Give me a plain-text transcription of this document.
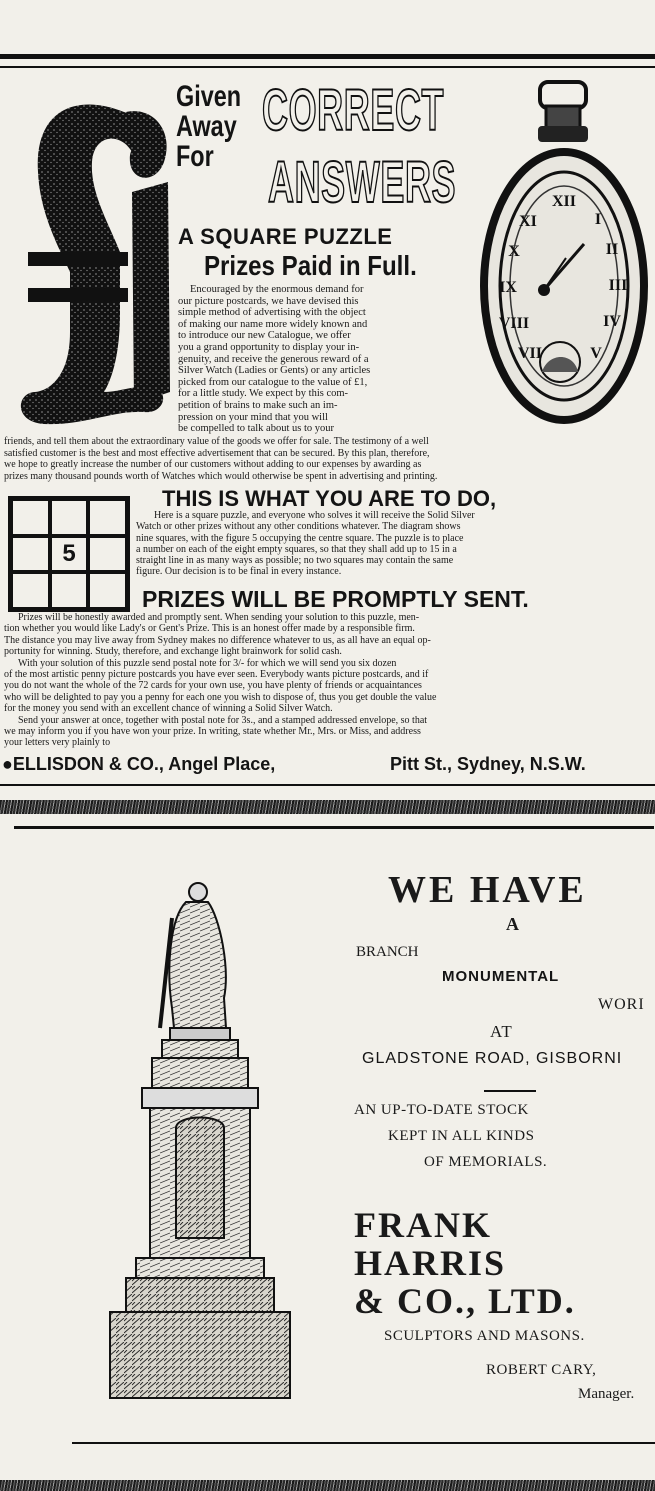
Given
Away
For
CORRECT
ANSWERS
A SQUARE PUZZLE
Prizes Paid in Full.
XII
I
II
III
IV
V
XI
X
IX
VIII
VII
Encouraged by the enormous demand for
our picture postcards, we have devised this
simple method of advertising with the object
of making our name more widely known and
to introduce our new Catalogue, we offer
you a grand opportunity to display your in-
genuity, and receive the generous reward of a
Silver Watch (Ladies or Gents) or any articles
picked from our catalogue to the value of £1,
for a little study. We expect by this com-
petition of brains to make such an im-
pression on your mind that you will
be compelled to talk about us to your
friends, and tell them about the extraordinary value of the goods we offer for sale. The testimony of a well
satisfied customer is the best and most effective advertisement that can be secured. By this plan, therefore,
we hope to greatly increase the number of our customers without adding to our expenses by awarding as
prizes many thousand pounds worth of Watches which would otherwise be spent in advertising and printing.
THIS IS WHAT YOU ARE TO DO,
5
Here is a square puzzle, and everyone who solves it will receive the Solid Silver
Watch or other prizes without any other conditions whatever. The diagram shows
nine squares, with the figure 5 occupying the centre square. The puzzle is to place
a number on each of the eight empty squares, so that they shall add up to 15 in a
straight line in as many ways as possible; no two squares may contain the same
figure. Our decision is to be final in every instance.
PRIZES WILL BE PROMPTLY SENT.
Prizes will be honestly awarded and promptly sent. When sending your solution to this puzzle, men-
tion whether you would like Lady's or Gent's Prize. This is an honest offer made by a responsible firm.
The distance you may live away from Sydney makes no difference whatever to us, as all have an equal op-
portunity for winning. Study, therefore, and exchange light brainwork for solid cash.
With your solution of this puzzle send postal note for 3/- for which we will send you six dozen
of the most artistic penny picture postcards you have ever seen. Everybody wants picture postcards, and if
you do not want the whole of the 72 cards for your own use, you have plenty of friends or acquaintances
who will be delighted to pay you a penny for each one you wish to dispose of, thus you get double the value
for the money you send with an excellent chance of winning a Solid Silver Watch.
Send your answer at once, together with postal note for 3s., and a stamped addressed envelope, so that
we may inform you if you have won your prize. In writing, state whether Mr., Mrs. or Miss, and address
your letters very plainly to
●ELLISDON & CO., Angel Place,	Pitt St., Sydney, N.S.W.
WE HAVE
A
BRANCH
MONUMENTAL
WORI
AT
GLADSTONE ROAD, GISBORNI
AN UP-TO-DATE STOCK
KEPT IN ALL KINDS
OF MEMORIALS.
FRANK
HARRIS
& CO., LTD.
SCULPTORS AND MASONS.
ROBERT CARY,
Manager.
